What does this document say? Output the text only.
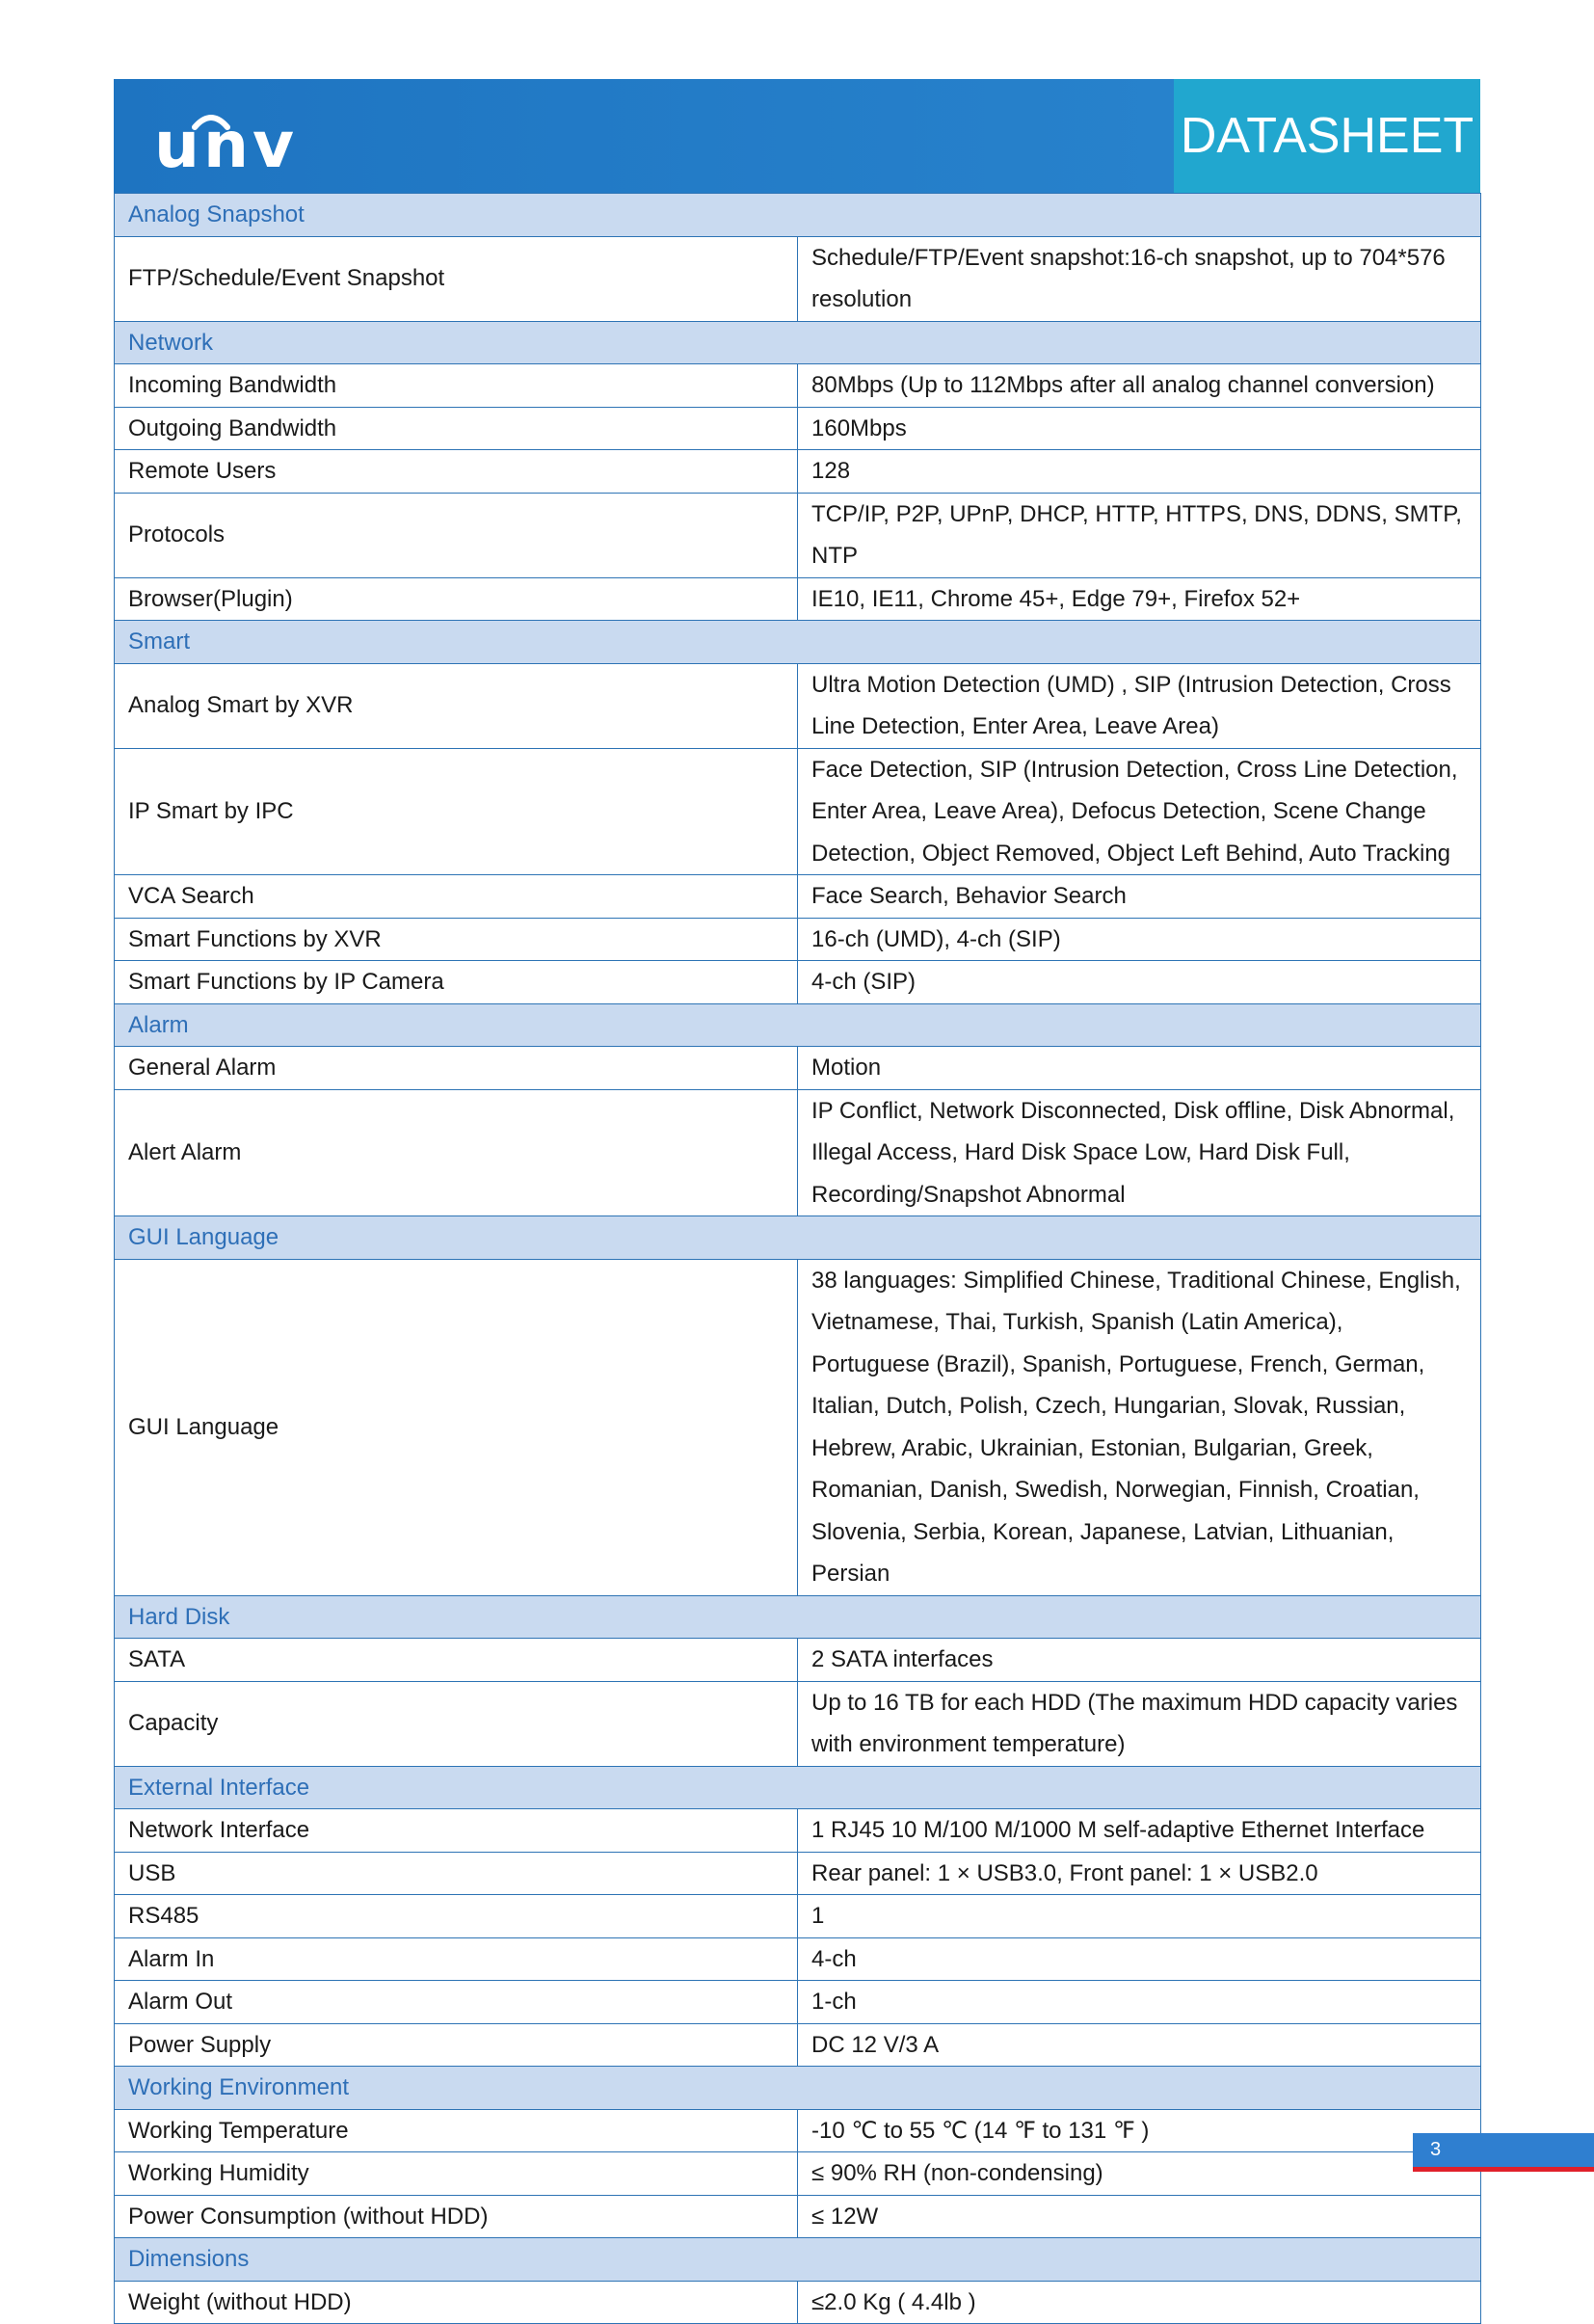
unv	DATASHEET
Analog Snapshot	
FTP/Schedule/Event Snapshot	Schedule/FTP/Event snapshot:16-ch snapshot, up to 704*576 resolution
Network	
Incoming Bandwidth	80Mbps (Up to 112Mbps after all analog channel conversion)
Outgoing Bandwidth	160Mbps
Remote Users	128
Protocols	TCP/IP, P2P, UPnP, DHCP, HTTP, HTTPS, DNS, DDNS, SMTP, NTP
Browser(Plugin)	IE10, IE11, Chrome 45+, Edge 79+, Firefox 52+
Smart	
Analog Smart by XVR	Ultra Motion Detection (UMD) , SIP (Intrusion Detection, Cross Line Detection, Enter Area, Leave Area)
IP Smart by IPC	Face Detection, SIP (Intrusion Detection, Cross Line Detection, Enter Area, Leave Area), Defocus Detection, Scene Change Detection, Object Removed, Object Left Behind, Auto Tracking
VCA Search	Face Search, Behavior Search
Smart Functions by XVR	16-ch (UMD), 4-ch (SIP)
Smart Functions by IP Camera	4-ch (SIP)
Alarm	
General Alarm	Motion
Alert Alarm	IP Conflict, Network Disconnected, Disk offline, Disk Abnormal, Illegal Access, Hard Disk Space Low, Hard Disk Full, Recording/Snapshot Abnormal
GUI Language	
GUI Language	38 languages: Simplified Chinese, Traditional Chinese, English, Vietnamese, Thai, Turkish, Spanish (Latin America), Portuguese (Brazil), Spanish, Portuguese, French, German, Italian, Dutch, Polish, Czech, Hungarian, Slovak, Russian, Hebrew, Arabic, Ukrainian, Estonian, Bulgarian, Greek, Romanian, Danish, Swedish, Norwegian, Finnish, Croatian, Slovenia, Serbia, Korean, Japanese, Latvian, Lithuanian, Persian
Hard Disk	
SATA	2 SATA interfaces
Capacity	Up to 16 TB for each HDD (The maximum HDD capacity varies with environment temperature)
External Interface	
Network Interface	1 RJ45 10 M/100 M/1000 M self-adaptive Ethernet Interface
USB	Rear panel: 1 × USB3.0, Front panel: 1 × USB2.0
RS485	1
Alarm In	4-ch
Alarm Out	1-ch
Power Supply	DC 12 V/3 A
Working Environment	
Working Temperature	-10 ℃ to 55 ℃ (14 ℉ to 131 ℉ )
Working Humidity	≤ 90% RH (non-condensing)
Power Consumption (without HDD)	≤ 12W
Dimensions	
Weight (without HDD)	≤2.0 Kg ( 4.4lb )
3
